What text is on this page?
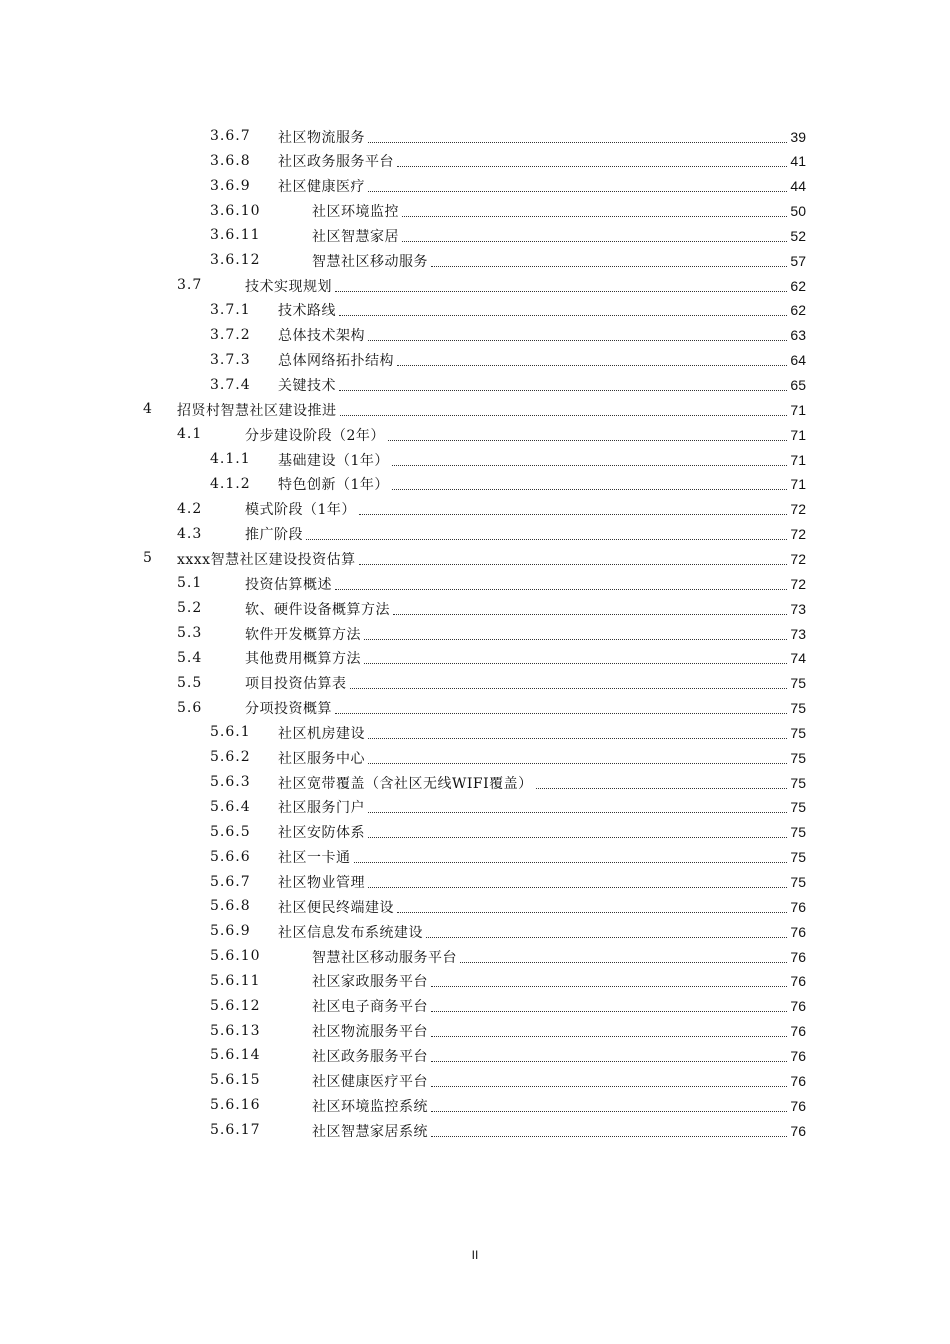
3.6.7 社区物流服务	39
3.6.8 社区政务服务平台	41
3.6.9 社区健康医疗	44
3.6.10	社区环境监控	50
3.6.11	社区智慧家居	52
3.6.12	智慧社区移动服务	57
3.7	技术实现规划	62
3.7.1 技术路线	62
3.7.2 总体技术架构	63
3.7.3 总体网络拓扑结构	64
3.7.4 关键技术	65
4 招贤村智慧社区建设推进	71
4.1	分步建设阶段（2年）	71
4.1.1 基础建设（1年）	71
4.1.2 特色创新（1年）	71
4.2	模式阶段（1年）	72
4.3	推广阶段	72
5 xxxx智慧社区建设投资估算	72
5.1	投资估算概述	72
5.2	软、硬件设备概算方法	73
5.3	软件开发概算方法	73
5.4	其他费用概算方法	74
5.5	项目投资估算表	75
5.6	分项投资概算	75
5.6.1 社区机房建设	75
5.6.2 社区服务中心	75
5.6.3 社区宽带覆盖（含社区无线WIFI覆盖）	75
5.6.4 社区服务门户	75
5.6.5 社区安防体系	75
5.6.6 社区一卡通	75
5.6.7 社区物业管理	75
5.6.8 社区便民终端建设	76
5.6.9 社区信息发布系统建设	76
5.6.10	智慧社区移动服务平台	76
5.6.11	社区家政服务平台	76
5.6.12	社区电子商务平台	76
5.6.13	社区物流服务平台	76
5.6.14	社区政务服务平台	76
5.6.15	社区健康医疗平台	76
5.6.16	社区环境监控系统	76
5.6.17	社区智慧家居系统	76
II
